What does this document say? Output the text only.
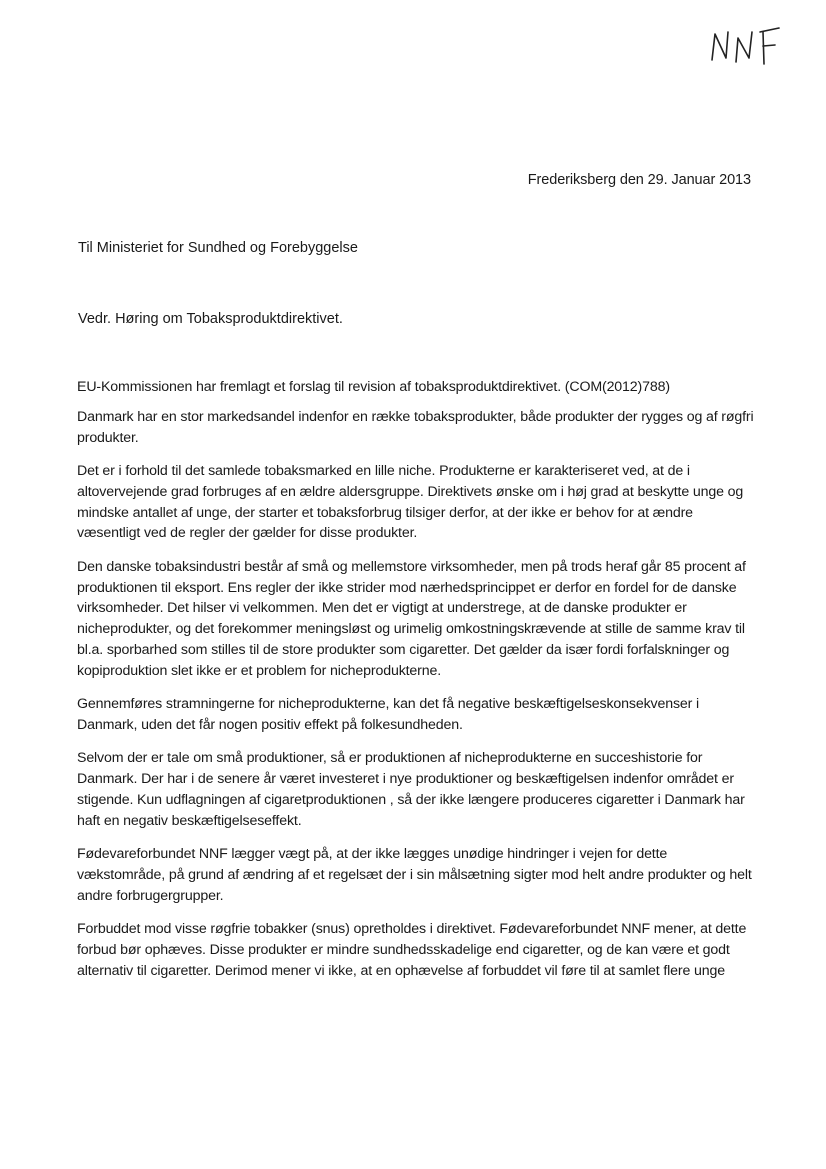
Frederiksberg den 29. Januar 2013
Til Ministeriet for Sundhed og Forebyggelse
Vedr. Høring om Tobaksproduktdirektivet.

EU-Kommissionen har fremlagt et forslag til revision af tobaksproduktdirektivet. (COM(2012)788)

Danmark har en stor markedsandel indenfor en række tobaksprodukter, både produkter der rygges og af røgfri produkter.

Det er i forhold til det samlede tobaksmarked en lille niche. Produkterne er karakteriseret ved, at de i altovervejende grad forbruges af en ældre aldersgruppe. Direktivets ønske om i høj grad at beskytte unge og mindske antallet af unge, der starter et tobaksforbrug tilsiger derfor, at der ikke er behov for at ændre væsentligt ved de regler der gælder for disse produkter.

Den danske tobaksindustri består af små og mellemstore virksomheder, men på trods heraf går 85 procent af produktionen til eksport. Ens regler der ikke strider mod nærhedsprincippet er derfor en fordel for de danske virksomheder. Det hilser vi velkommen. Men det er vigtigt at understrege, at de danske produkter er nicheprodukter, og det forekommer meningsløst og urimelig omkostningskrævende at stille de samme krav til bl.a. sporbarhed som stilles til de store produkter som cigaretter. Det gælder da især fordi forfalskninger og kopiproduktion slet ikke er et problem for nicheprodukterne.

Gennemføres stramningerne for nicheprodukterne, kan det få negative beskæftigelseskonsekvenser i Danmark, uden det får nogen positiv effekt på folkesundheden.

Selvom der er tale om små produktioner, så er produktionen af nicheprodukterne en succeshistorie for Danmark. Der har i de senere år været investeret i nye produktioner og beskæftigelsen indenfor området er stigende. Kun udflagningen af cigaretproduktionen , så der ikke længere produceres cigaretter i Danmark har haft en negativ beskæftigelseseffekt.

Fødevareforbundet NNF lægger vægt på, at der ikke lægges unødige hindringer i vejen for dette vækstområde, på grund af ændring af et regelsæt der i sin målsætning sigter mod helt andre produkter og helt andre forbrugergrupper.

Forbuddet mod visse røgfrie tobakker (snus) opretholdes i direktivet. Fødevareforbundet NNF mener, at dette forbud bør ophæves. Disse produkter er mindre sundhedsskadelige end cigaretter, og de kan være et godt alternativ til cigaretter. Derimod mener vi ikke, at en ophævelse af forbuddet vil føre til at samlet flere unge
